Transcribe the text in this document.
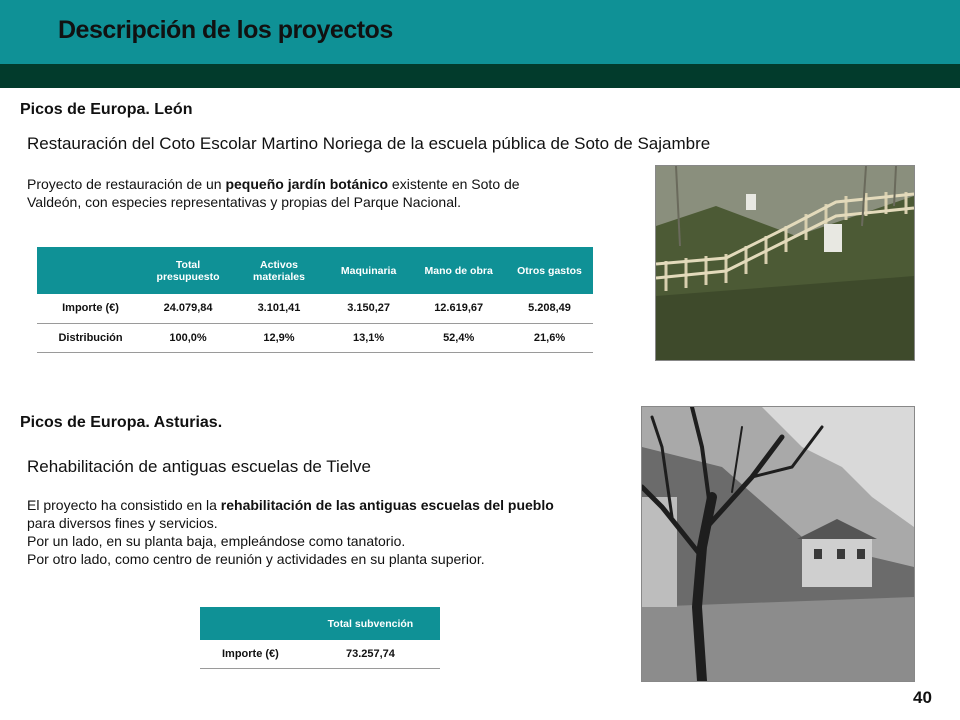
Descripción de los proyectos
Picos de Europa. León
Restauración del Coto Escolar Martino Noriega de la escuela pública de Soto de Sajambre
Proyecto de restauración de un pequeño jardín botánico existente en Soto de Valdeón, con especies representativas y propias del Parque Nacional.
	Total presupuesto	Activos materiales	Maquinaria	Mano de obra	Otros gastos
Importe (€)	24.079,84	3.101,41	3.150,27	12.619,67	5.208,49
Distribución	100,0%	12,9%	13,1%	52,4%	21,6%
Picos de Europa. Asturias.
Rehabilitación de antiguas escuelas de Tielve
El proyecto ha consistido en la rehabilitación de las antiguas escuelas del pueblo para diversos fines y servicios.
Por un lado, en su planta baja, empleándose como tanatorio.
Por otro lado, como centro de reunión y actividades en su planta superior.
	Total subvención
Importe (€)	73.257,74
40
